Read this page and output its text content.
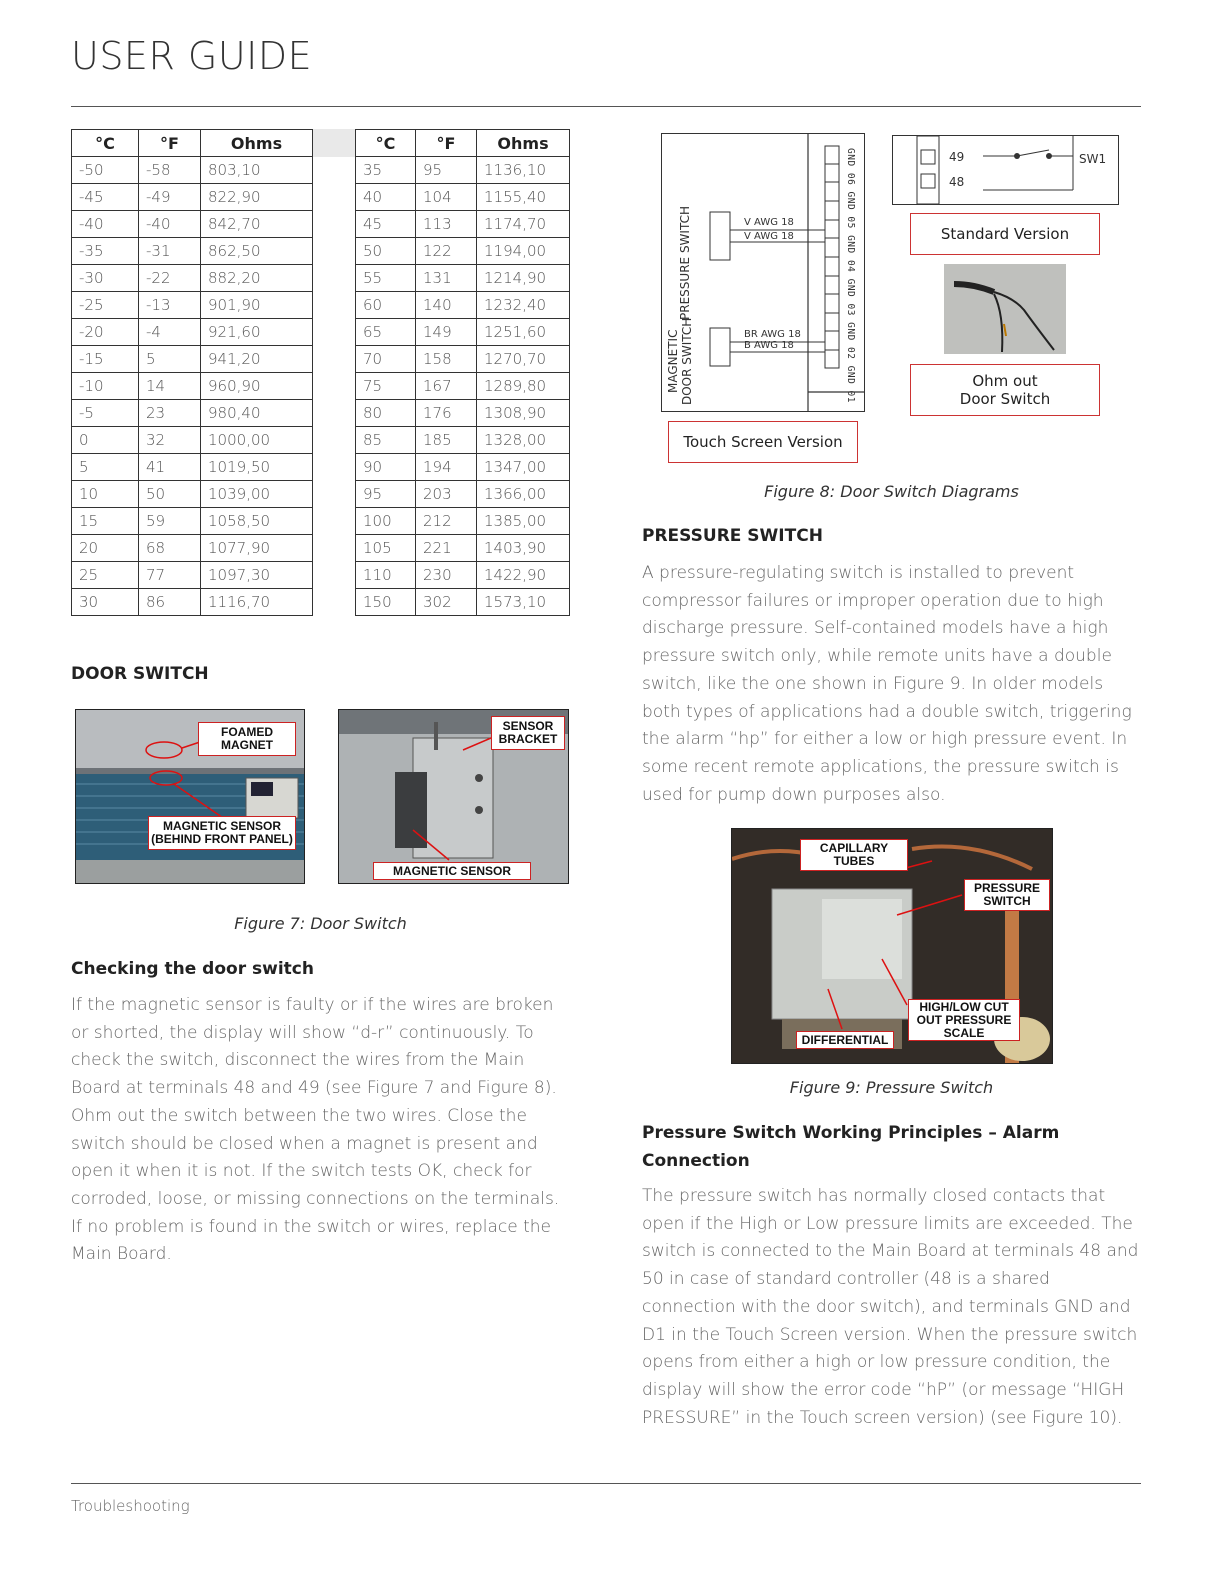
USER GUIDE
°C	°F	Ohms
-50	-58	803,10
-45	-49	822,90
-40	-40	842,70
-35	-31	862,50
-30	-22	882,20
-25	-13	901,90
-20	-4	921,60
-15	5	941,20
-10	14	960,90
-5	23	980,40
0	32	1000,00
5	41	1019,50
10	50	1039,00
15	59	1058,50
20	68	1077,90
25	77	1097,30
30	86	1116,70
°C	°F	Ohms
35	95	1136,10
40	104	1155,40
45	113	1174,70
50	122	1194,00
55	131	1214,90
60	140	1232,40
65	149	1251,60
70	158	1270,70
75	167	1289,80
80	176	1308,90
85	185	1328,00
90	194	1347,00
95	203	1366,00
100	212	1385,00
105	221	1403,90
110	230	1422,90
150	302	1573,10
DOOR SWITCH
FOAMED MAGNET
MAGNETIC SENSOR (BEHIND FRONT PANEL)
SENSOR BRACKET
MAGNETIC SENSOR
Figure 7: Door Switch
Checking the door switch
If the magnetic sensor is faulty or if the wires are broken or shorted, the display will show “d-r” continuously. To check the switch, disconnect the wires from the Main Board at terminals 48 and 49 (see Figure 7 and Figure 8). Ohm out the switch between the two wires. Close the switch should be closed when a magnet is present and open it when it is not. If the switch tests OK, check for corroded, loose, or missing connections on the terminals. If no problem is found in the switch or wires, replace the Main Board.
GND 06 GND 05 GND 04 GND 03 GND 02 GND 01
PRESSURE SWITCH
MAGNETIC DOOR SWITCH
V AWG 18
V AWG 18
BR AWG 18
B AWG 18
Touch Screen Version
49
48
SW1
Standard Version
Ohm out
Door Switch
Figure 8: Door Switch Diagrams
PRESSURE SWITCH
A pressure-regulating switch is installed to prevent compressor failures or improper operation due to high discharge pressure. Self-contained models have a high pressure switch only, while remote units have a double switch, like the one shown in Figure 9. In older models both types of applications had a double switch, triggering the alarm “hp” for either a low or high pressure event. In some recent remote applications, the pressure switch is used for pump down purposes also.
CAPILLARY TUBES
PRESSURE SWITCH
HIGH/LOW CUT OUT PRESSURE SCALE
DIFFERENTIAL
Figure 9: Pressure Switch
Pressure Switch Working Principles – Alarm Connection
The pressure switch has normally closed contacts that open if the High or Low pressure limits are exceeded. The switch is connected to the Main Board at terminals 48 and 50 in case of standard controller (48 is a shared connection with the door switch), and terminals GND and D1 in the Touch Screen version. When the pressure switch opens from either a high or low pressure condition, the display will show the error code “hP” (or message “HIGH PRESSURE” in the Touch screen version) (see Figure 10).
Troubleshooting
